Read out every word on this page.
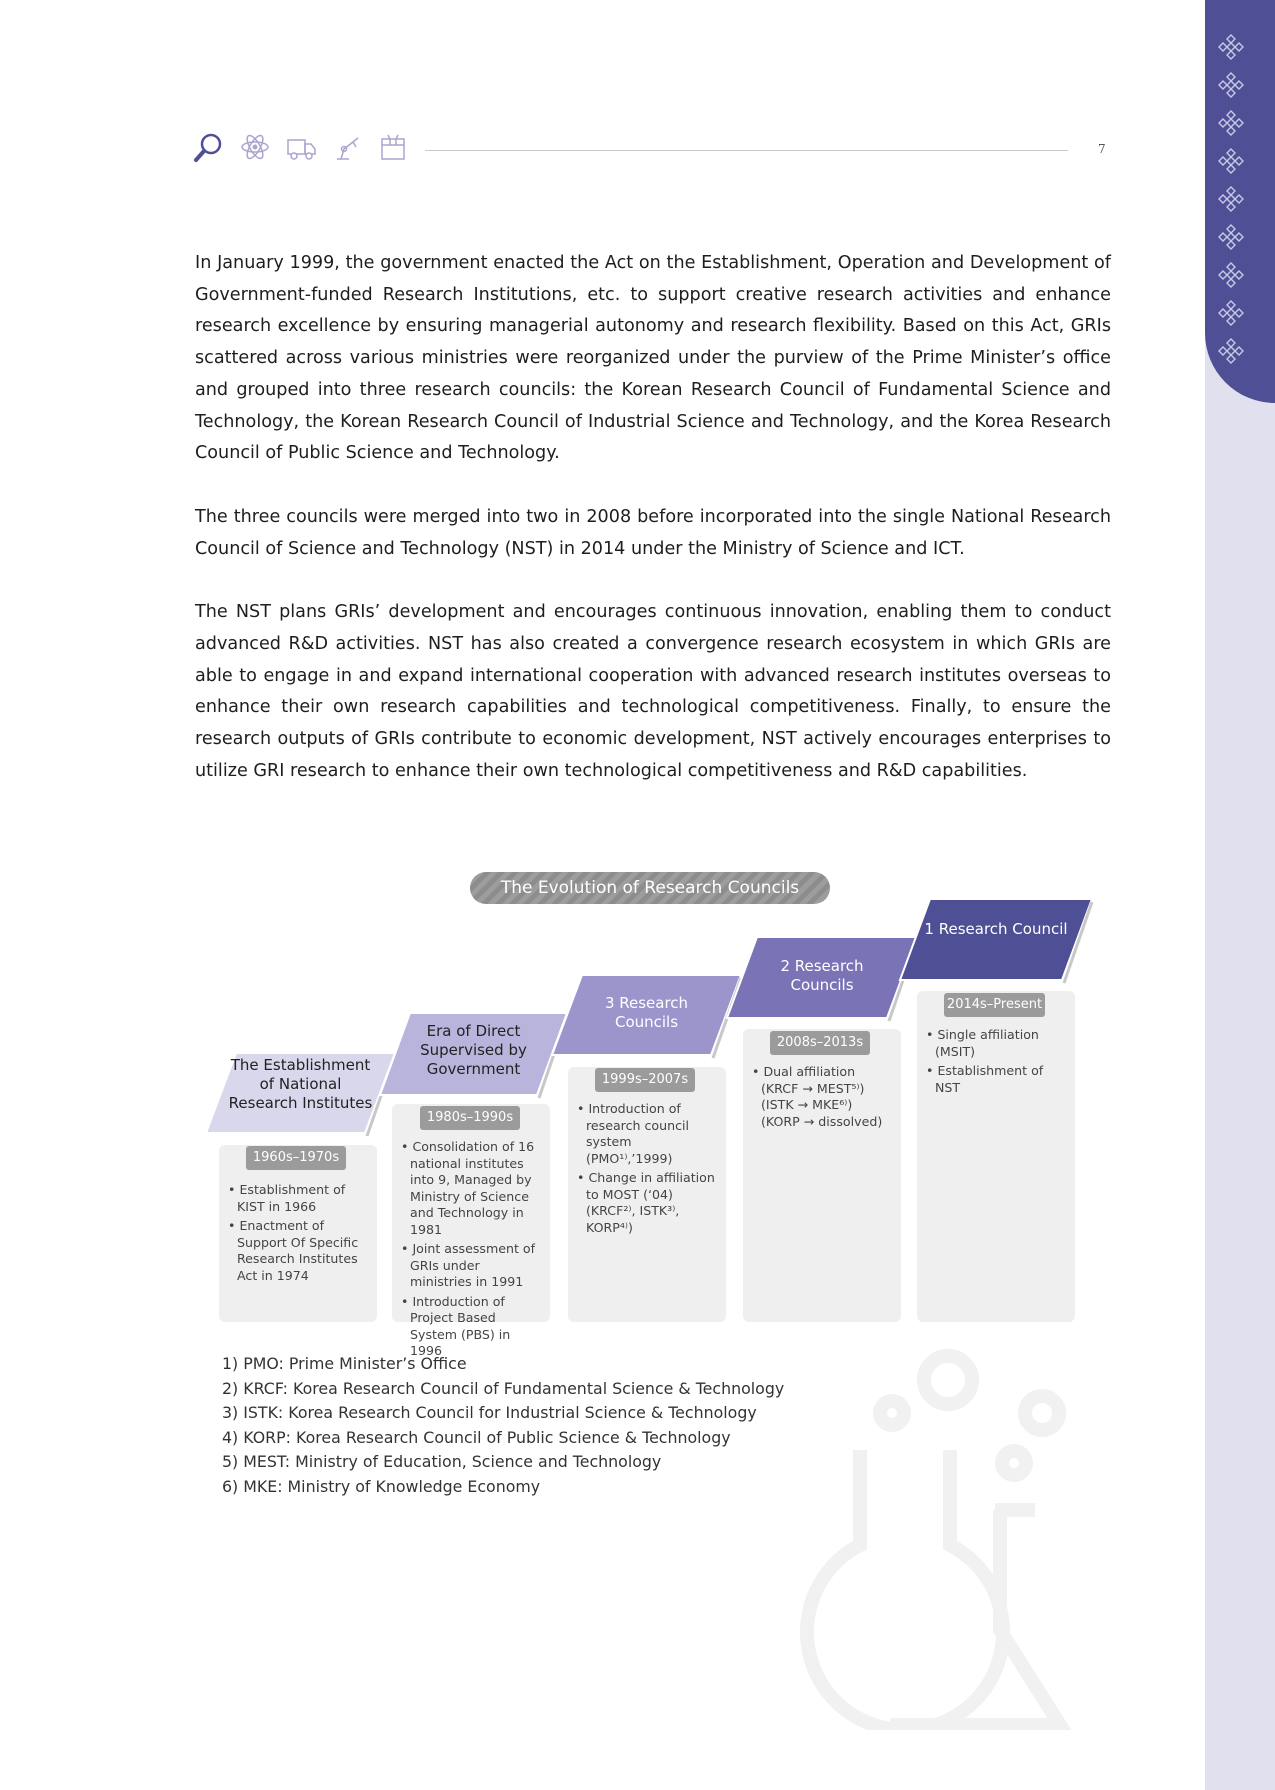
7

In January 1999, the government enacted the Act on the Establishment, Operation and Development of Government-funded Research Institutions, etc. to support creative research activities and enhance research excellence by ensuring managerial autonomy and research flexibility. Based on this Act, GRIs scattered across various ministries were reorganized under the purview of the Prime Minister’s office and grouped into three research councils: the Korean Research Council of Fundamental Science and Technology, the Korean Research Council of Industrial Science and Technology, and the Korea Research Council of Public Science and Technology.

The three councils were merged into two in 2008 before incorporated into the single National Research Council of Science and Technology (NST) in 2014 under the Ministry of Science and ICT.

The NST plans GRIs’ development and encourages continuous innovation, enabling them to conduct advanced R&D activities. NST has also created a convergence research ecosystem in which GRIs are able to engage in and expand international cooperation with advanced research institutes overseas to enhance their own research capabilities and technological competitiveness. Finally, to ensure the research outputs of GRIs contribute to economic development, NST actively encourages enterprises to utilize GRI research to enhance their own technological competitiveness and R&D capabilities.

The Evolution of Research Councils
The Establishment of National Research Institutes
1960s–1970s
• Establishment of KIST in 1966
• Enactment of Support Of Specific Research Institutes Act in 1974
Era of Direct Supervised by Government
1980s–1990s
• Consolidation of 16 national institutes into 9, Managed by Ministry of Science and Technology in 1981
• Joint assessment of GRIs under ministries in 1991
• Introduction of Project Based System (PBS) in 1996
3 Research Councils
1999s–2007s
• Introduction of research council system (PMO¹⁾,’1999)
• Change in affiliation to MOST (‘04) (KRCF²⁾, ISTK³⁾, KORP⁴⁾)
2 Research Councils
2008s–2013s
• Dual affiliation (KRCF → MEST⁵⁾) (ISTK → MKE⁶⁾) (KORP → dissolved)
1 Research Council
2014s–Present
• Single affiliation (MSIT)
• Establishment of NST
1) PMO: Prime Minister’s Office
2) KRCF: Korea Research Council of Fundamental Science & Technology
3) ISTK: Korea Research Council for Industrial Science & Technology
4) KORP: Korea Research Council of Public Science & Technology
5) MEST: Ministry of Education, Science and Technology
6) MKE: Ministry of Knowledge Economy
